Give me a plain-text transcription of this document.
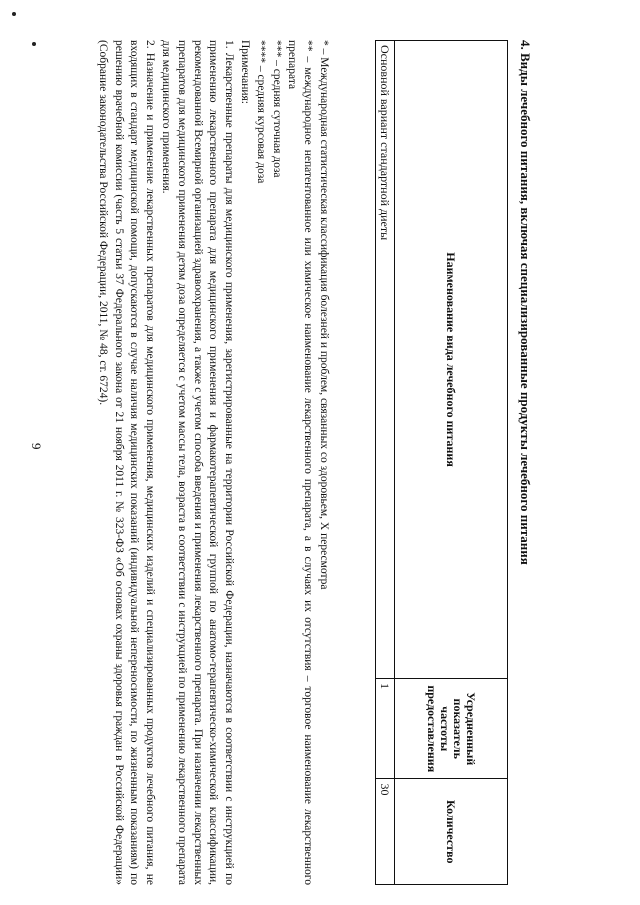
9	4. Виды лечебного питания, включая специализированные продукты лечебного питания
Наименование вида лечебного питания	Усредненный показатель частоты предоставления	Количество
Основной вариант стандартной диеты	1	30
* – Международная статистическая классификация болезней и проблем, связанных со здоровьем, X пересмотра
** – международное непатентованное или химическое наименование лекарственного препарата, а в случаях их отсутствия – торговое наименование лекарственного препарата
*** – средняя суточная доза
**** – средняя курсовая доза
Примечания:
1. Лекарственные препараты для медицинского применения, зарегистрированные на территории Российской Федерации, назначаются в соответствии с инструкцией по применению лекарственного препарата для медицинского применения и фармакотерапевтической группой по анатомо-терапевтическо-химической классификации, рекомендованной Всемирной организацией здравоохранения, а также с учетом способа введения и применения лекарственного препарата. При назначении лекарственных препаратов для медицинского применения детям доза определяется с учетом массы тела, возраста в соответствии с инструкцией по применению лекарственного препарата для медицинского применения.
2. Назначение и применение лекарственных препаратов для медицинского применения, медицинских изделий и специализированных продуктов лечебного питания, не входящих в стандарт медицинской помощи, допускаются в случае наличия медицинских показаний (индивидуальной непереносимости, по жизненным показаниям) по решению врачебной комиссии (часть 5 статьи 37 Федерального закона от 21 ноября 2011 г. № 323-ФЗ «Об основах охраны здоровья граждан в Российской Федерации» (Собрание законодательства Российской Федерации, 2011, № 48, ст. 6724).
